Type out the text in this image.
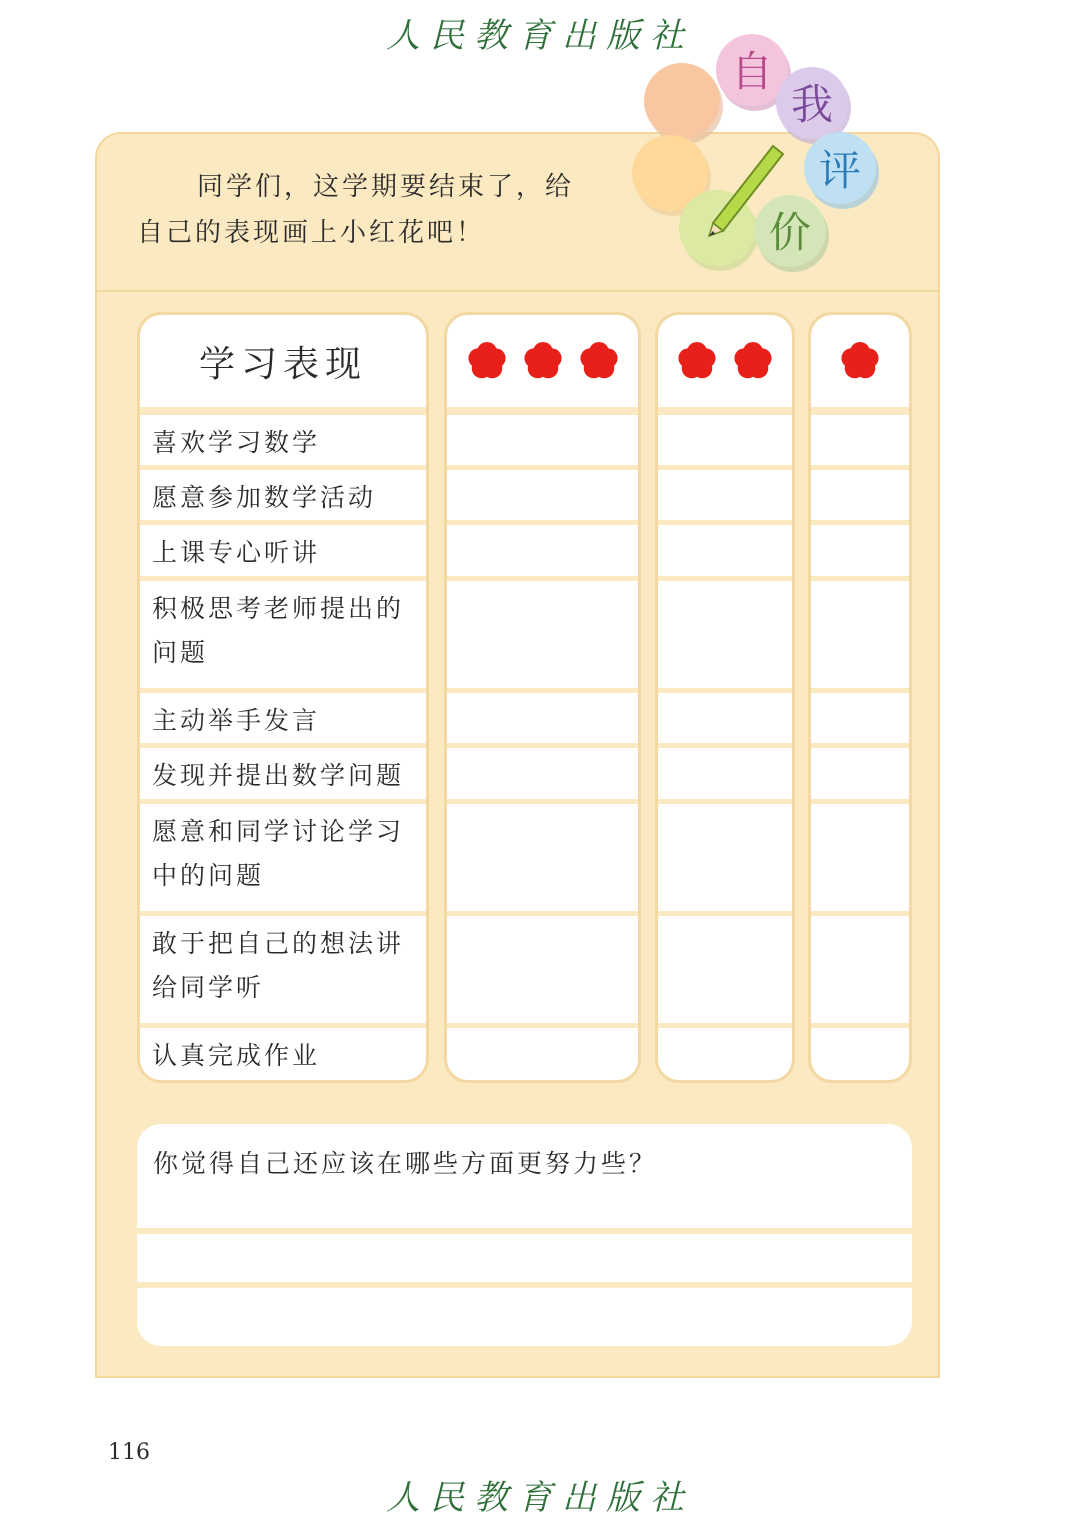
人民教育出版社
同学们，这学期要结束了，给
自己的表现画上小红花吧！
学习表现
喜欢学习数学
愿意参加数学活动
上课专心听讲
积极思考老师提出的
问题
主动举手发言
发现并提出数学问题
愿意和同学讨论学习
中的问题
敢于把自己的想法讲
给同学听
认真完成作业
你觉得自己还应该在哪些方面更努力些？
自
我
评
价
116
人民教育出版社
